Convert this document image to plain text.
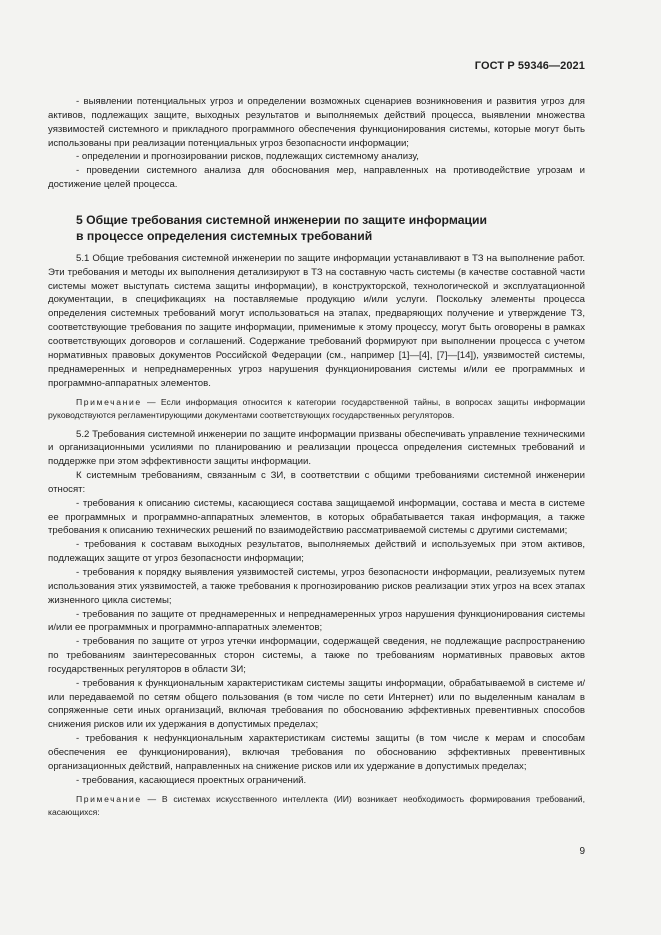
ГОСТ Р 59346—2021

- выявлении потенциальных угроз и определении возможных сценариев возникновения и развития угроз для активов, подлежащих защите, выходных результатов и выполняемых действий процесса, выявлении множества уязвимостей системного и прикладного программного обеспечения функционирования системы, которые могут быть использованы при реализации потенциальных угроз безопасности информации;

- определении и прогнозировании рисков, подлежащих системному анализу,

- проведении системного анализа для обоснования мер, направленных на противодействие угрозам и достижение целей процесса.

5 Общие требования системной инженерии по защите информации
в процессе определения системных требований

5.1 Общие требования системной инженерии по защите информации устанавливают в ТЗ на выполнение работ. Эти требования и методы их выполнения детализируют в ТЗ на составную часть системы (в качестве составной части системы может выступать система защиты информации), в конструкторской, технологической и эксплуатационной документации, в спецификациях на поставляемые продукцию и/или услуги. Поскольку элементы процесса определения системных требований могут использоваться на этапах, предваряющих получение и утверждение ТЗ, соответствующие требования по защите информации, применимые к этому процессу, могут быть оговорены в рамках соответствующих договоров и соглашений. Содержание требований формируют при выполнении процесса с учетом нормативных правовых документов Российской Федерации (см., например [1]—[4], [7]—[14]), уязвимостей системы, преднамеренных и непреднамеренных угроз нарушения функционирования системы и/или ее программных и программно-аппаратных элементов.

Примечание — Если информация относится к категории государственной тайны, в вопросах защиты информации руководствуются регламентирующими документами соответствующих государственных регуляторов.

5.2 Требования системной инженерии по защите информации призваны обеспечивать управление техническими и организационными усилиями по планированию и реализации процесса определения системных требований и поддержке при этом эффективности защиты информации.

К системным требованиям, связанным с ЗИ, в соответствии с общими требованиями системной инженерии относят:

- требования к описанию системы, касающиеся состава защищаемой информации, состава и места в системе ее программных и программно-аппаратных элементов, в которых обрабатывается такая информация, а также требования к описанию технических решений по взаимодействию рассматриваемой системы с другими системами;

- требования к составам выходных результатов, выполняемых действий и используемых при этом активов, подлежащих защите от угроз безопасности информации;

- требования к порядку выявления уязвимостей системы, угроз безопасности информации, реализуемых путем использования этих уязвимостей, а также требования к прогнозированию рисков реализации этих угроз на всех этапах жизненного цикла системы;

- требования по защите от преднамеренных и непреднамеренных угроз нарушения функционирования системы и/или ее программных и программно-аппаратных элементов;

- требования по защите от угроз утечки информации, содержащей сведения, не подлежащие распространению по требованиям заинтересованных сторон системы, а также по требованиям нормативных правовых актов государственных регуляторов в области ЗИ;

- требования к функциональным характеристикам системы защиты информации, обрабатываемой в системе и/или передаваемой по сетям общего пользования (в том числе по сети Интернет) или по выделенным каналам в сопряженные сети иных организаций, включая требования по обоснованию эффективных превентивных способов снижения рисков или их удержания в допустимых пределах;

- требования к нефункциональным характеристикам системы защиты (в том числе к мерам и способам обеспечения ее функционирования), включая требования по обоснованию эффективных превентивных организационных действий, направленных на снижение рисков или их удержание в допустимых пределах;

- требования, касающиеся проектных ограничений.

Примечание — В системах искусственного интеллекта (ИИ) возникает необходимость формирования требований, касающихся:

9
